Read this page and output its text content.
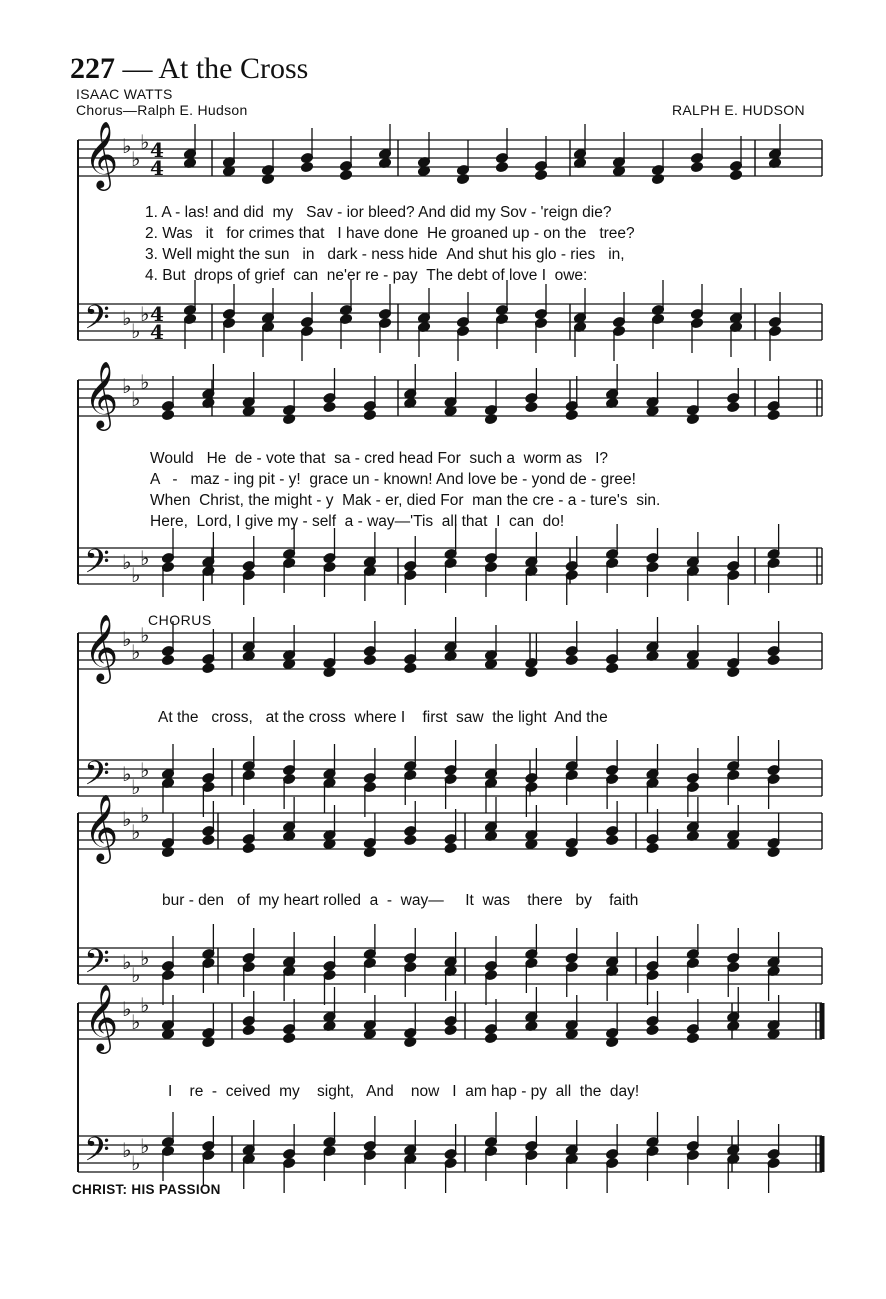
227 — At the Cross
ISAAC WATTS
Chorus—Ralph E. Hudson	RALPH E. HUDSON
𝄞
𝄢
♭
♭
♭
♭
♭
♭
4
4
4
4
𝄞
𝄢
♭
♭
♭
♭
♭
♭
𝄞
𝄢
♭
♭
♭
♭
♭
♭
𝄞
𝄢
♭
♭
♭
♭
♭
♭
𝄞
𝄢
♭
♭
♭
♭
♭
♭
1. A - las! and did  my   Sav - ior bleed? And did my Sov - 'reign die?
2. Was   it   for crimes that   I have done  He groaned up - on the   tree?
3. Well might the sun   in   dark - ness hide  And shut his glo - ries   in,
4. But  drops of grief  can  ne'er re - pay  The debt of love I  owe:
Would   He  de - vote that  sa - cred head For  such a  worm as   I?
A   -   maz - ing pit - y!  grace un - known! And love be - yond de - gree!
When  Christ, the might - y  Mak - er, died For  man the cre - a - ture's  sin.
Here,  Lord, I give my - self  a - way—'Tis  all that  I  can  do!
CHORUS
At the   cross,   at the cross  where I    first  saw  the light  And the
bur - den   of  my heart rolled  a  -  way—     It  was    there   by    faith
I    re  -  ceived  my    sight,   And    now   I  am hap - py  all  the  day!
CHRIST: HIS PASSION
